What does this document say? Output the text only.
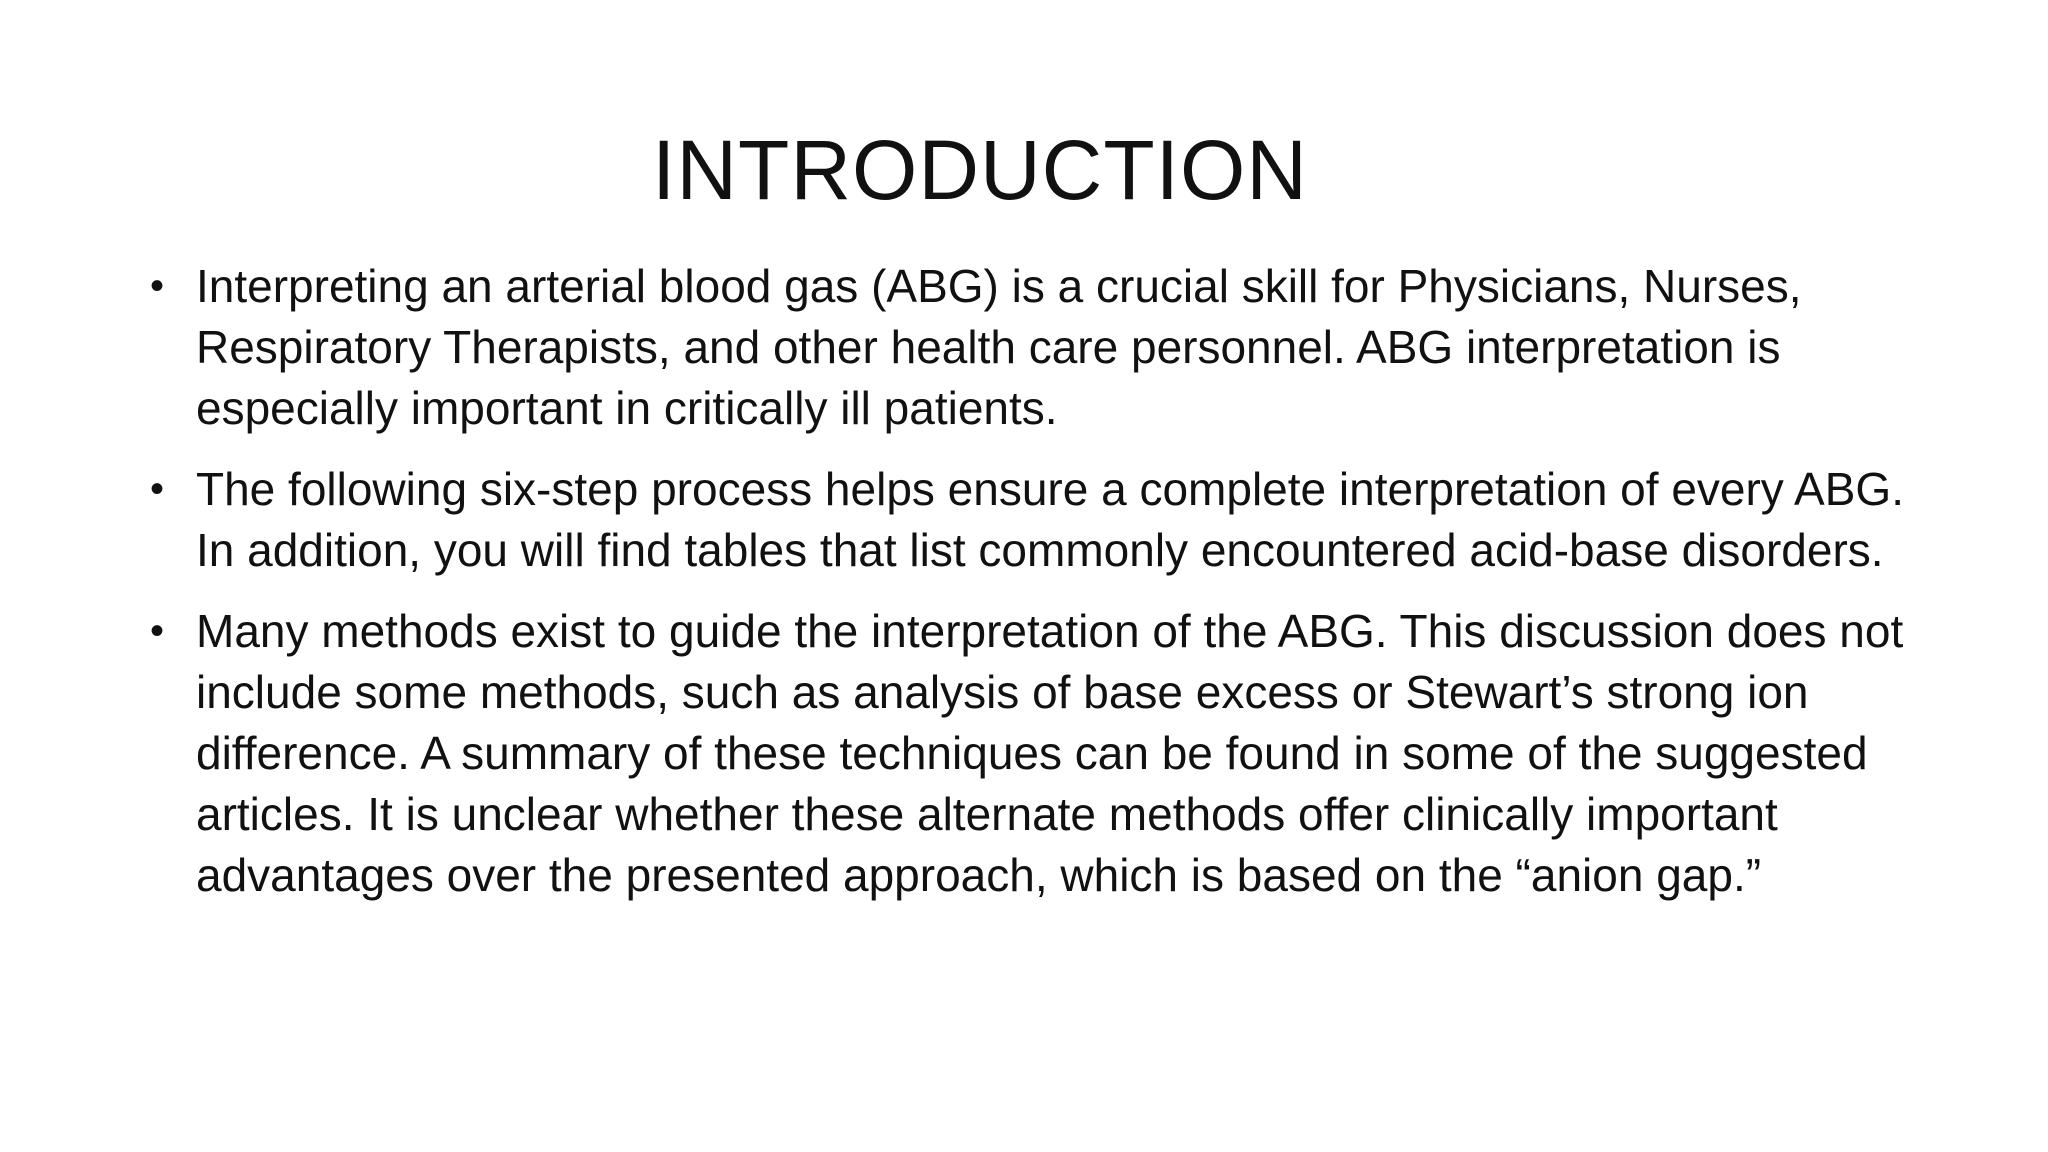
INTRODUCTION
• Interpreting an arterial blood gas (ABG) is a crucial skill for Physicians, Nurses, Respiratory Therapists, and other health care personnel. ABG interpretation is especially important in critically ill patients.
• The following six-step process helps ensure a complete interpretation of every ABG. In addition, you will find tables that list commonly encountered acid-base disorders.
• Many methods exist to guide the interpretation of the ABG. This discussion does not include some methods, such as analysis of base excess or Stewart’s strong ion difference. A summary of these techniques can be found in some of the suggested articles. It is unclear whether these alternate methods offer clinically important advantages over the presented approach, which is based on the “anion gap.”
